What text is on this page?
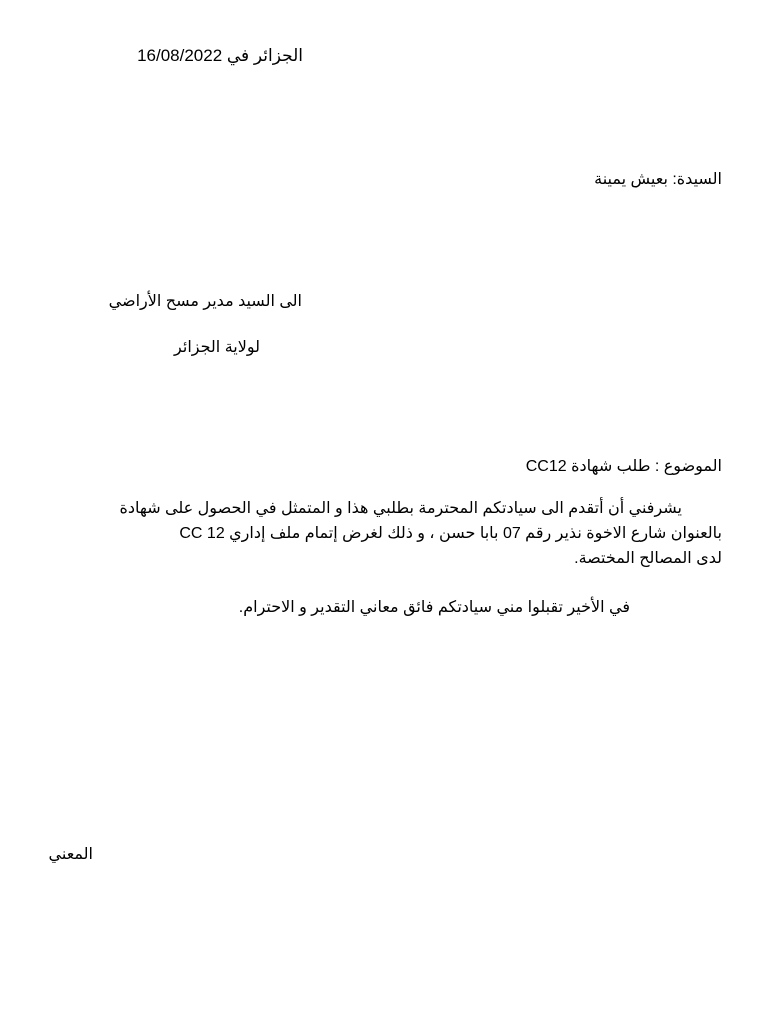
الجزائر في 16/08/2022
السيدة: بعيش يمينة
الى السيد مدير مسح الأراضي
لولاية الجزائر
الموضوع : طلب شهادة CC12
يشرفني أن أتقدم الى سيادتكم المحترمة بطلبي هذا و المتمثل في الحصول على شهادة
CC 12 بالعنوان شارع الاخوة نذير رقم 07 بابا حسن ، و ذلك لغرض إتمام ملف إداري
لدى المصالح المختصة.
في الأخير تقبلوا مني سيادتكم فائق معاني التقدير و الاحترام.
المعني
